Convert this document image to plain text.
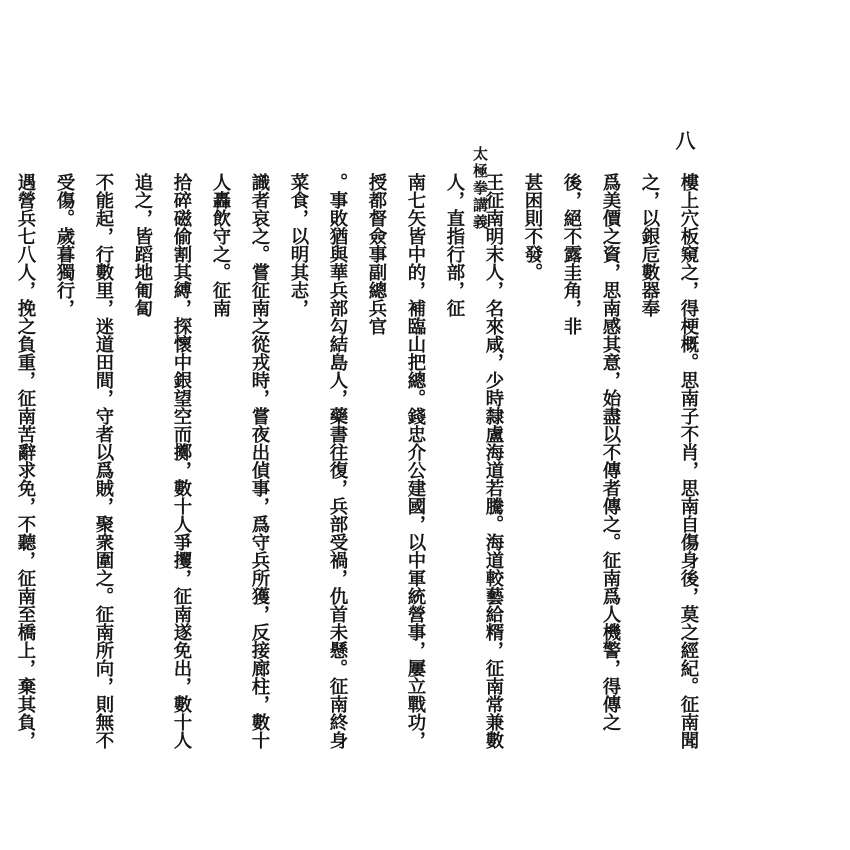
太極拳講義
八
樓上穴板窺之，得梗概。思南子不肖，思南自傷身後，莫之經紀。征南聞之，以銀卮數器奉
爲美價之資，思南感其意，始盡以不傳者傳之。征南爲人機警，得傳之後，絕不露圭角，非
甚困則不發。
王征南明末人，名來咸，少時隸盧海道若騰。海道較藝給糈，征南常兼數人，直指行部，征
南七矢皆中的，補臨山把總。錢忠介公建國，以中軍統營事，屢立戰功，授都督僉事副總兵官
。事敗猶與華兵部勾結島人，藥書往復，兵部受禍，仇首未懸。征南終身菜食，以明其志，
識者哀之。嘗征南之從戎時，嘗夜出偵事，爲守兵所獲，反接廊柱，數十人轟飲守之。征南
拾碎磁偷割其縛，探懷中銀望空而擲，數十人爭攫，征南遂免出，數十人追之，皆蹈地匍匐
不能起，行數里，迷道田間，守者以爲賊，聚衆圍之。征南所向，則無不受傷。歲暮獨行，
遇營兵七八人，挽之負重，征南苦辭求免，不聽，征南至橋上，棄其負，
